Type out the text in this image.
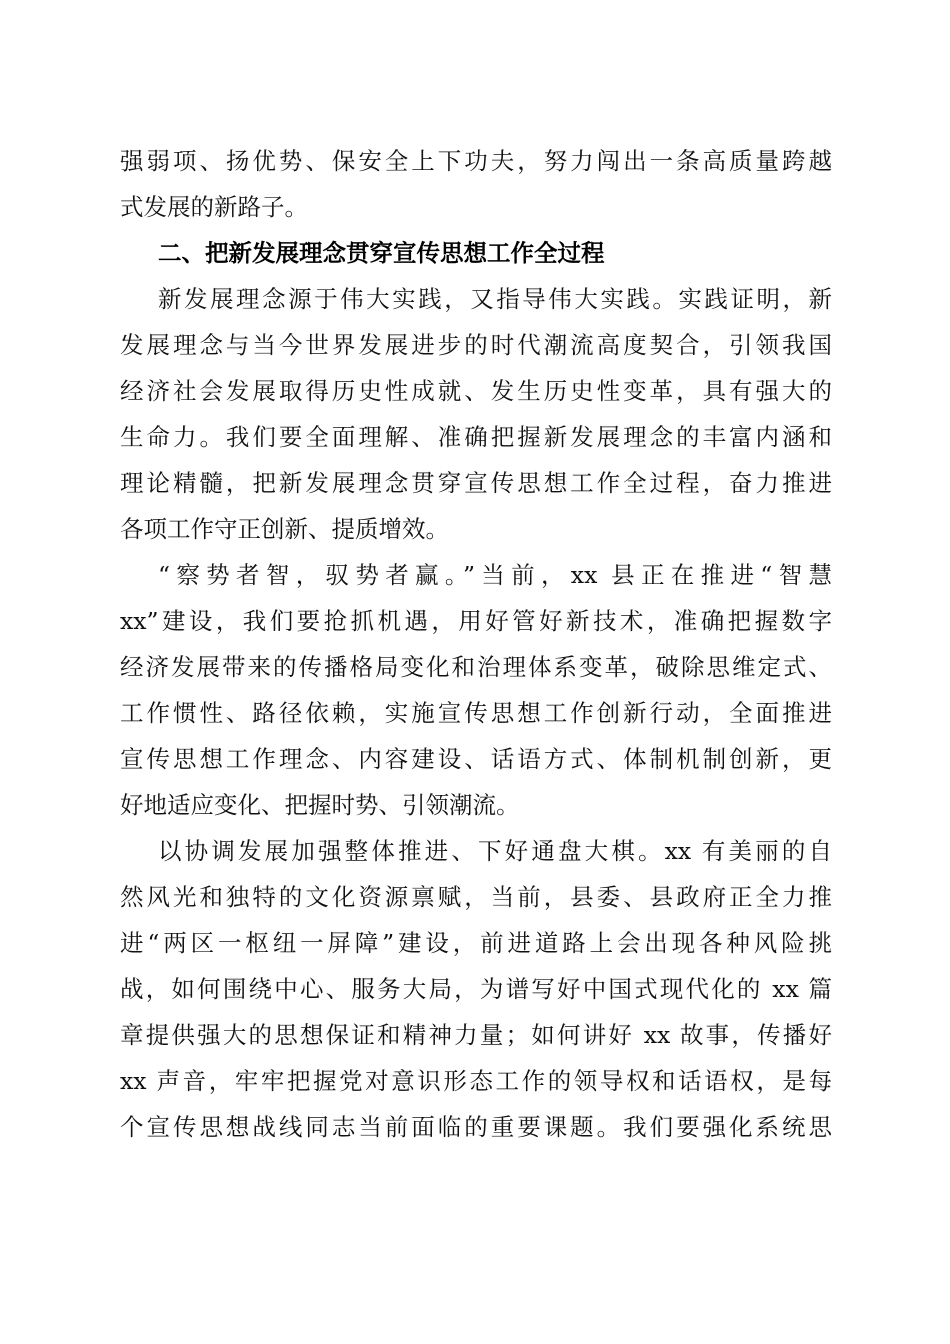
强弱项、扬优势、保安全上下功夫，努力闯出一条高质量跨越
式发展的新路子。
二、把新发展理念贯穿宣传思想工作全过程
新发展理念源于伟大实践，又指导伟大实践。实践证明，新
发展理念与当今世界发展进步的时代潮流高度契合，引领我国
经济社会发展取得历史性成就、发生历史性变革，具有强大的
生命力。我们要全面理解、准确把握新发展理念的丰富内涵和
理论精髓，把新发展理念贯穿宣传思想工作全过程，奋力推进
各项工作守正创新、提质增效。
“察势者智，驭势者赢。”当前，xx 县正在推进“智慧
xx”建设，我们要抢抓机遇，用好管好新技术，准确把握数字
经济发展带来的传播格局变化和治理体系变革，破除思维定式、
工作惯性、路径依赖，实施宣传思想工作创新行动，全面推进
宣传思想工作理念、内容建设、话语方式、体制机制创新，更
好地适应变化、把握时势、引领潮流。
以协调发展加强整体推进、下好通盘大棋。xx 有美丽的自
然风光和独特的文化资源禀赋，当前，县委、县政府正全力推
进“两区一枢纽一屏障”建设，前进道路上会出现各种风险挑
战，如何围绕中心、服务大局，为谱写好中国式现代化的 xx 篇
章提供强大的思想保证和精神力量；如何讲好 xx 故事，传播好
xx 声音，牢牢把握党对意识形态工作的领导权和话语权，是每
个宣传思想战线同志当前面临的重要课题。我们要强化系统思
